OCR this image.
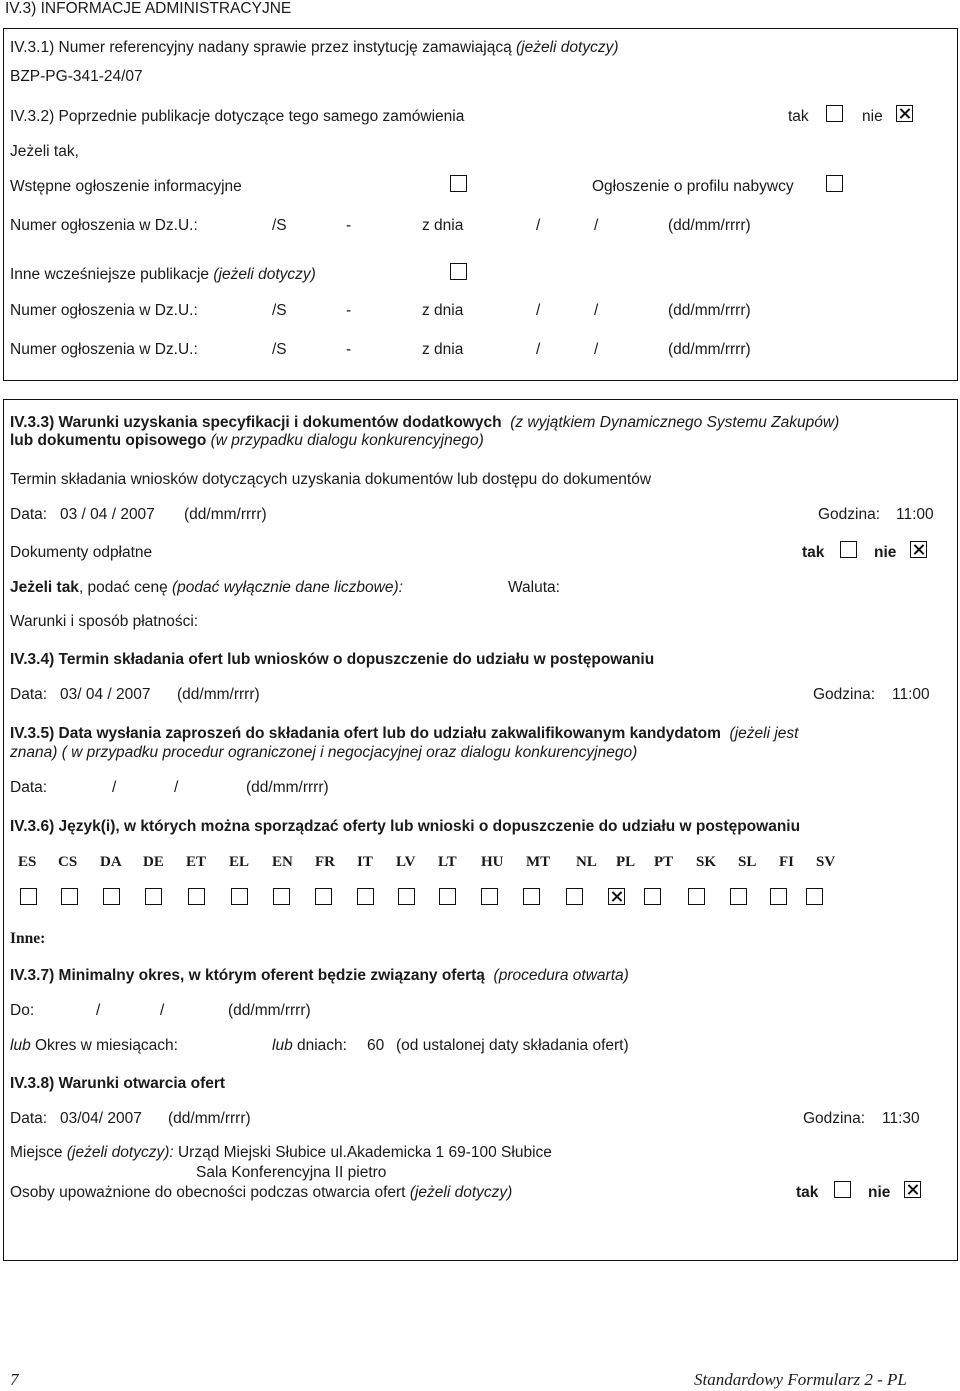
IV.3) INFORMACJE ADMINISTRACYJNE
IV.3.1) Numer referencyjny nadany sprawie przez instytucję zamawiającą (jeżeli dotyczy)
BZP-PG-341-24/07
IV.3.2) Poprzednie publikacje dotyczące tego samego zamówienia	tak	nie
Jeżeli tak,
Wstępne ogłoszenie informacyjne	Ogłoszenie o profilu nabywcy
Numer ogłoszenia w Dz.U.:	/S	-	z dnia	/	/	(dd/mm/rrrr)
Inne wcześniejsze publikacje (jeżeli dotyczy)
Numer ogłoszenia w Dz.U.:	/S	-	z dnia	/	/	(dd/mm/rrrr)
Numer ogłoszenia w Dz.U.:	/S	-	z dnia	/	/	(dd/mm/rrrr)
IV.3.3) Warunki uzyskania specyfikacji i dokumentów dodatkowych (z wyjątkiem Dynamicznego Systemu Zakupów)
lub dokumentu opisowego (w przypadku dialogu konkurencyjnego)
Termin składania wniosków dotyczących uzyskania dokumentów lub dostępu do dokumentów
Data: 03 / 04 / 2007 (dd/mm/rrrr)	Godzina: 11:00
Dokumenty odpłatne	tak	nie
Jeżeli tak, podać cenę (podać wyłącznie dane liczbowe):	Waluta:
Warunki i sposób płatności:
IV.3.4) Termin składania ofert lub wniosków o dopuszczenie do udziału w postępowaniu
Data: 03/ 04 / 2007 (dd/mm/rrrr)	Godzina: 11:00
IV.3.5) Data wysłania zaproszeń do składania ofert lub do udziału zakwalifikowanym kandydatom (jeżeli jest
znana) ( w przypadku procedur ograniczonej i negocjacyjnej oraz dialogu konkurencyjnego)
Data:	/	/	(dd/mm/rrrr)
IV.3.6) Język(i), w których można sporządzać oferty lub wnioski o dopuszczenie do udziału w postępowaniu
ES CS DA DE ET EL EN FR IT LV LT HU MT NL PL PT SK SL FI SV
Inne:
IV.3.7) Minimalny okres, w którym oferent będzie związany ofertą (procedura otwarta)
Do:	/	/	(dd/mm/rrrr)
lub Okres w miesiącach:	lub dniach: 60 (od ustalonej daty składania ofert)
IV.3.8) Warunki otwarcia ofert
Data: 03/04/ 2007 (dd/mm/rrrr)	Godzina: 11:30
Miejsce (jeżeli dotyczy): Urząd Miejski Słubice ul.Akademicka 1 69-100 Słubice
Sala Konferencyjna II pietro
Osoby upoważnione do obecności podczas otwarcia ofert (jeżeli dotyczy)	tak	nie
7	Standardowy Formularz 2 - PL
